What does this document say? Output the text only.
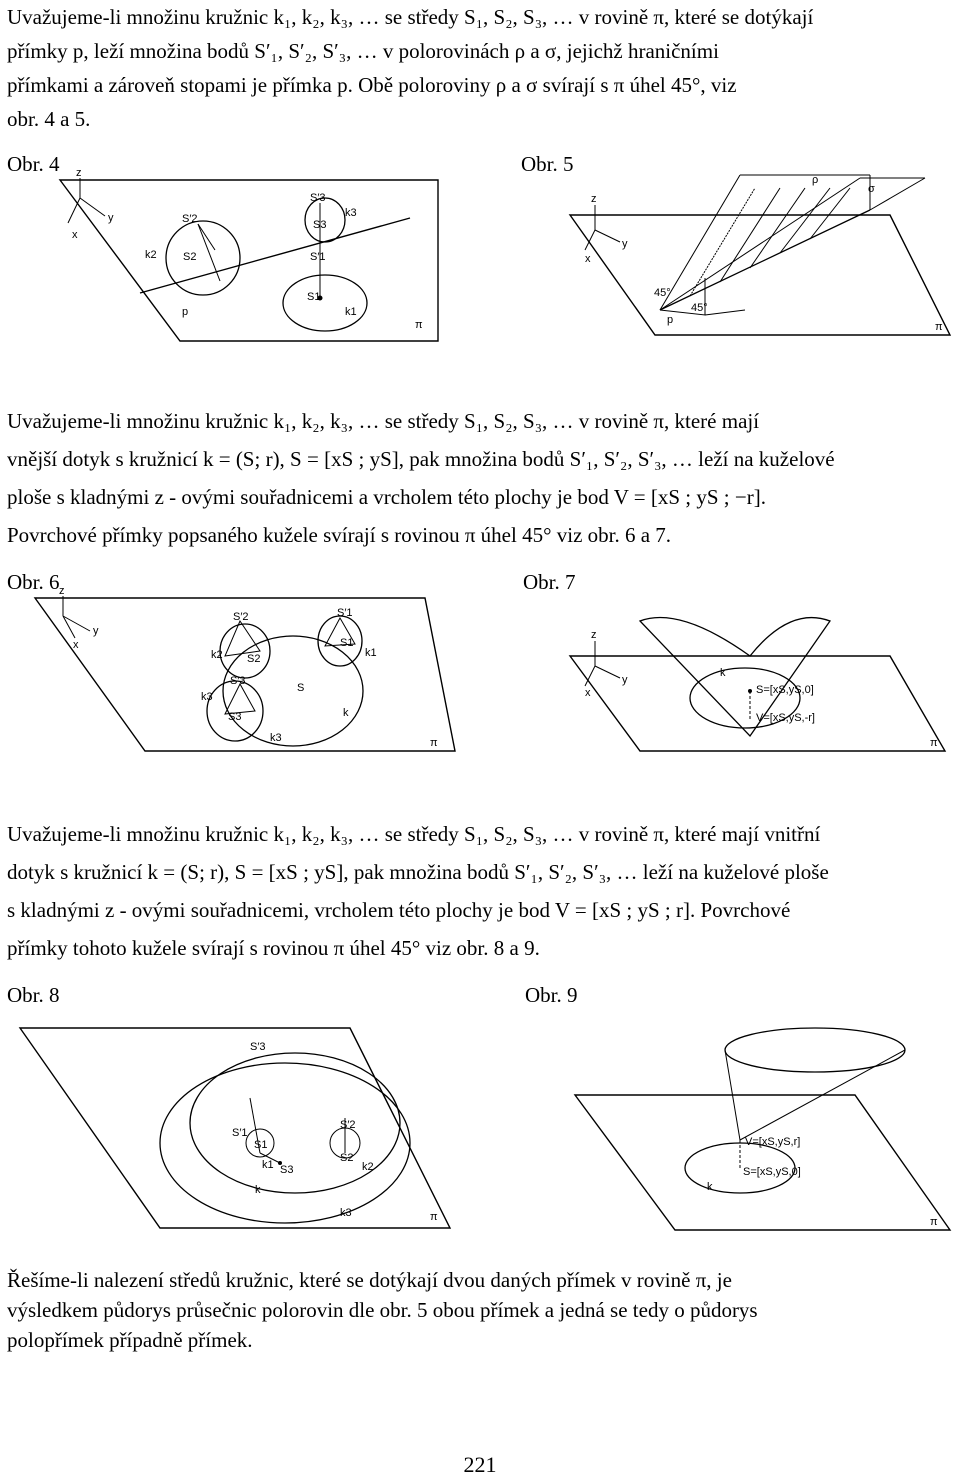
Uvažujeme-li množinu kružnic k₁, k₂, k₃, … se středy S₁, S₂, S₃, … v rovině π, které se dotýkají
přímky p, leží množina bodů S′₁, S′₂, S′₃, … v polorovinách ρ a σ, jejichž hraničními
přímkami a zároveň stopami je přímka p. Obě poloroviny ρ a σ svírají s π úhel 45°, viz
obr. 4 a 5.
Obr. 4	Obr. 5
z
y
x
S′2
S′3
k3
S3
S′1
k2 S2
S1
p	k1
π
z
y
x
ρ
σ
45°
45°
p
π
Uvažujeme-li množinu kružnic k₁, k₂, k₃, … se středy S₁, S₂, S₃, … v rovině π, které mají
vnější dotyk s kružnicí k = (S; r), S = [xS ; yS], pak množina bodů S′₁, S′₂, S′₃, … leží na kuželové
ploše s kladnými z - ovými souřadnicemi a vrcholem této plochy je bod V = [xS ; yS ; −r].
Povrchové přímky popsaného kužele svírají s rovinou π úhel 45° viz obr. 6 a 7.
Obr. 6	Obr. 7
z
y
x
S′2	S′1
k2 S2
S1
k1
S′3
S
k3
S3	k
k3	π
z
y
x
k
S=[xS,yS,0]
V=[xS,yS,-r]
π
Uvažujeme-li množinu kružnic k₁, k₂, k₃, … se středy S₁, S₂, S₃, … v rovině π, které mají vnitřní
dotyk s kružnicí k = (S; r), S = [xS ; yS], pak množina bodů S′₁, S′₂, S′₃, … leží na kuželové ploše
s kladnými z - ovými souřadnicemi, vrcholem této plochy je bod V = [xS ; yS ; r]. Povrchové
přímky tohoto kužele svírají s rovinou π úhel 45° viz obr. 8 a 9.
Obr. 8	Obr. 9
S′3
S′1
S′2
S1
S3
S2
k1	k2
k
k3	π
V=[xS,yS,r]
S=[xS,yS,0]
k
π
Řešíme-li nalezení středů kružnic, které se dotýkají dvou daných přímek v rovině π, je
výsledkem půdorys průsečnic polorovin dle obr. 5 obou přímek a jedná se tedy o půdorys
polopřímek případně přímek.
221
